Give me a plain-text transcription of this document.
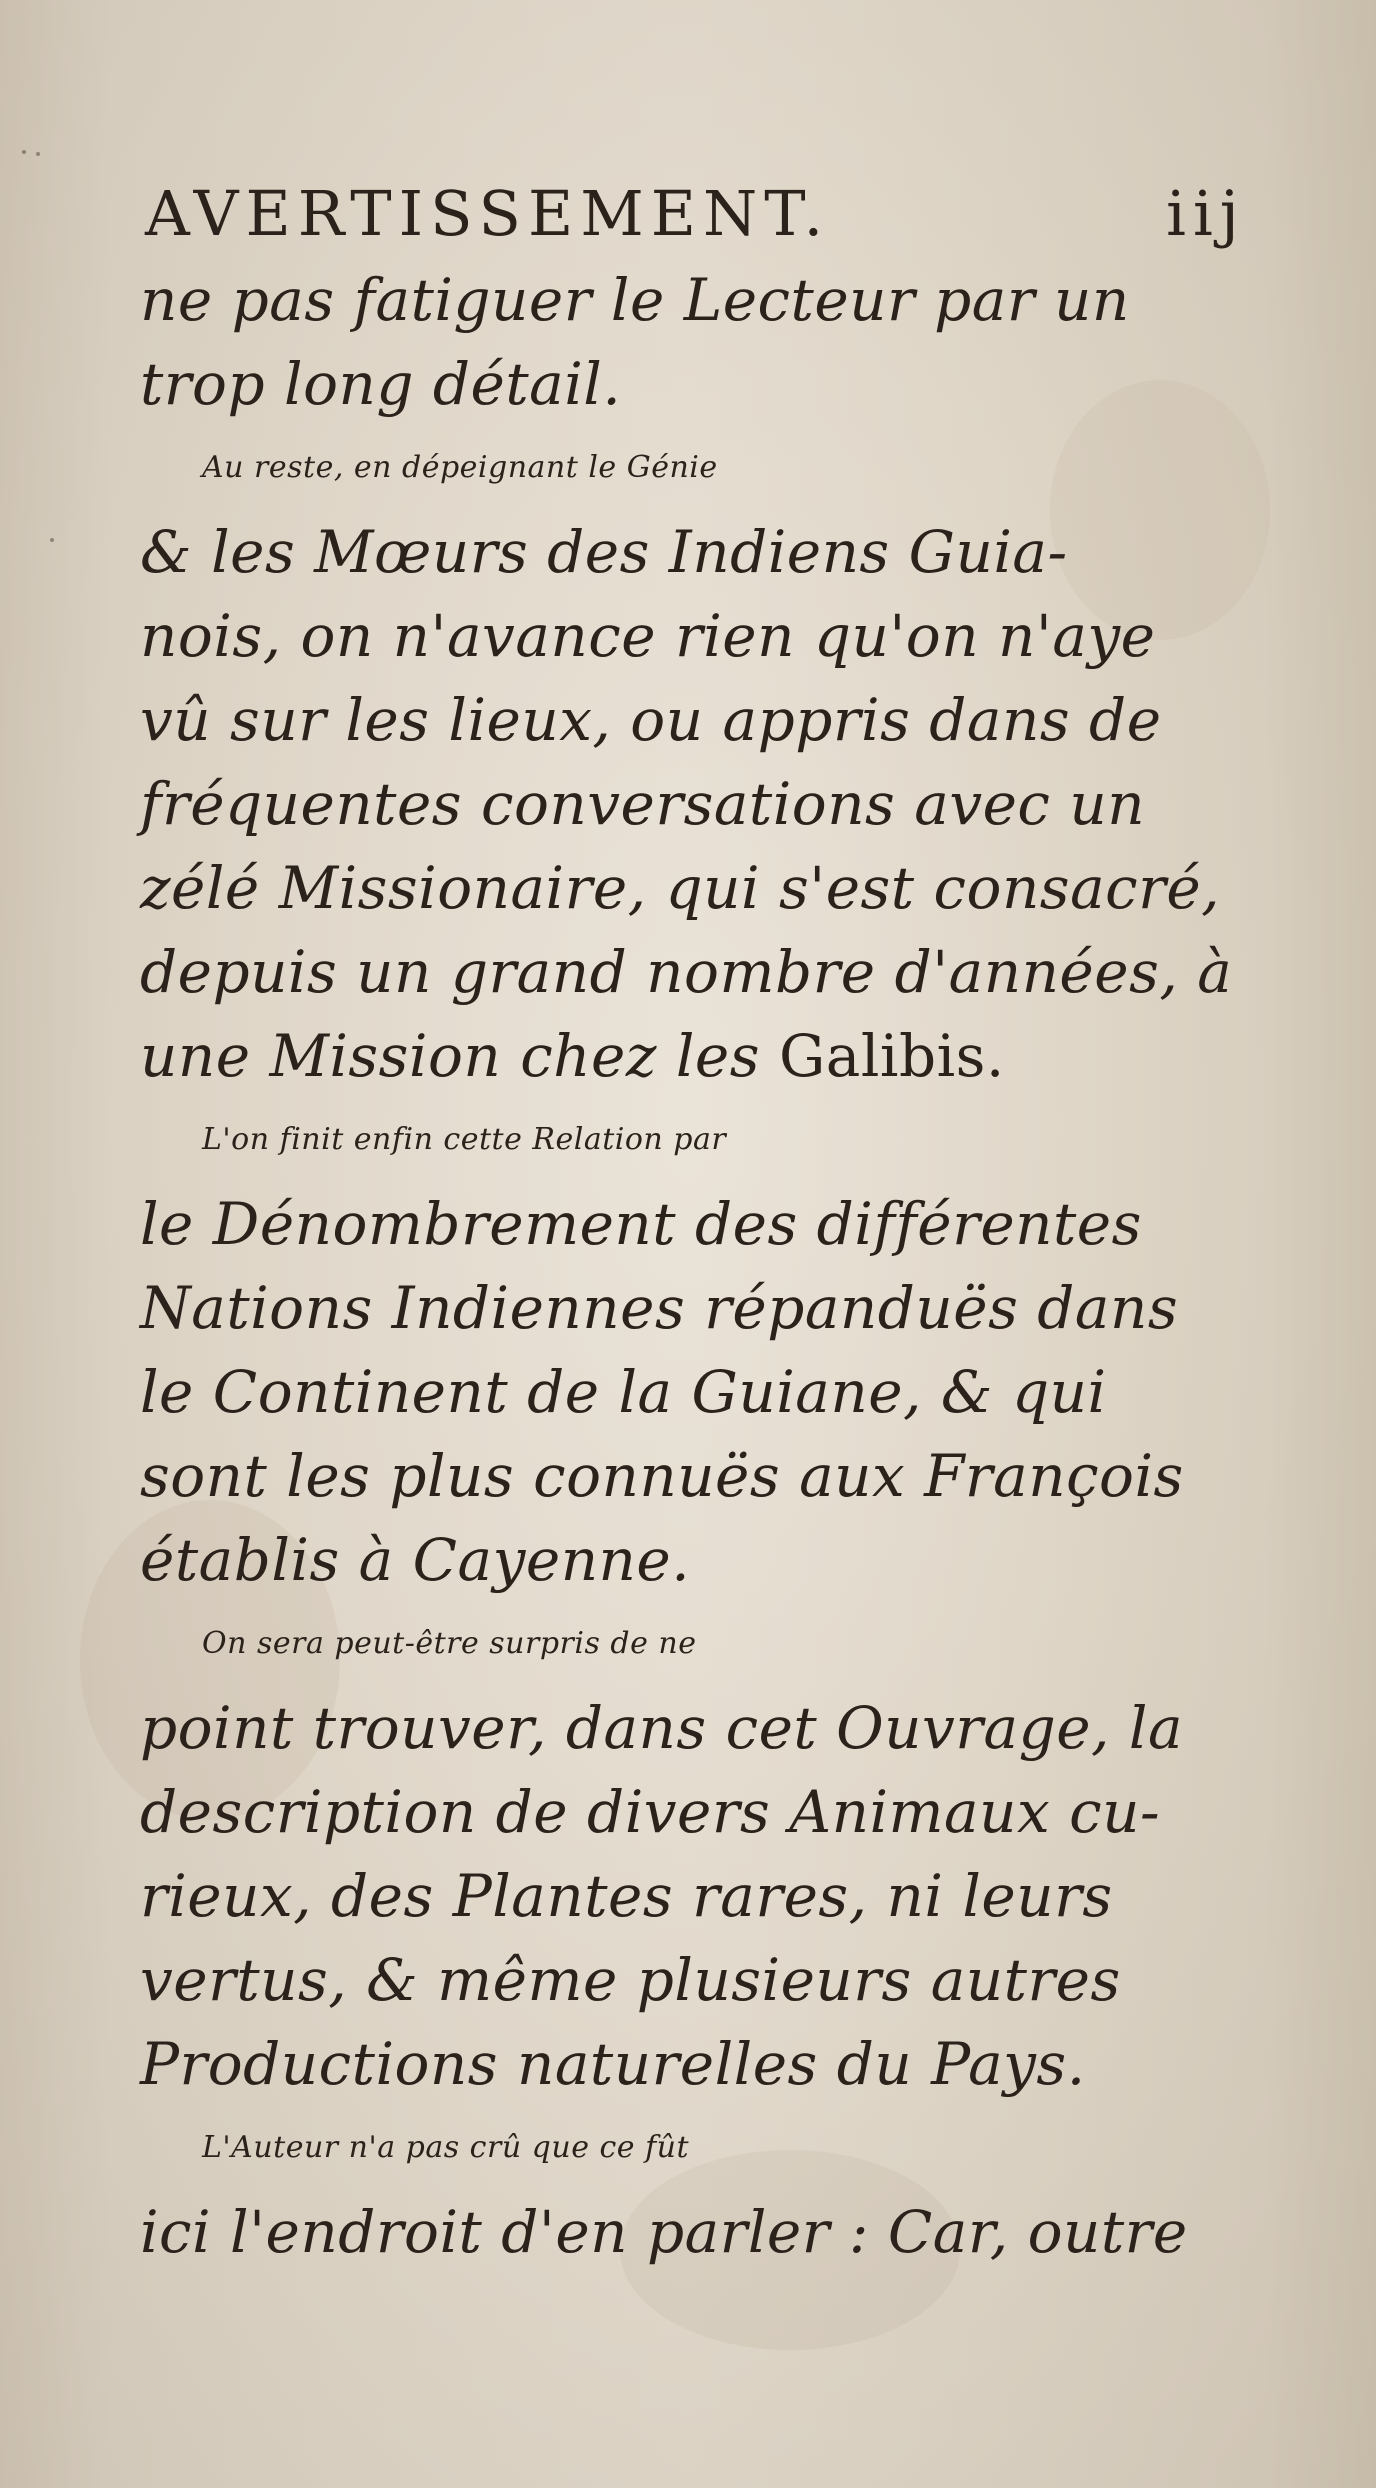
AVERTISSEMENT.	iij
ne pas fatiguer le Lecteur par un
trop long détail.
Au reste, en dépeignant le Génie
& les Mœurs des Indiens Guia-
nois, on n'avance rien qu'on n'aye
vû sur les lieux, ou appris dans de
fréquentes conversations avec un
zélé Missionaire, qui s'est consacré,
depuis un grand nombre d'années, à
une Mission chez les Galibis.
L'on finit enfin cette Relation par
le Dénombrement des différentes
Nations Indiennes répanduës dans
le Continent de la Guiane, & qui
sont les plus connuës aux François
établis à Cayenne.
On sera peut-être surpris de ne
point trouver, dans cet Ouvrage, la
description de divers Animaux cu-
rieux, des Plantes rares, ni leurs
vertus, & même plusieurs autres
Productions naturelles du Pays.
L'Auteur n'a pas crû que ce fût
ici l'endroit d'en parler : Car, outre
